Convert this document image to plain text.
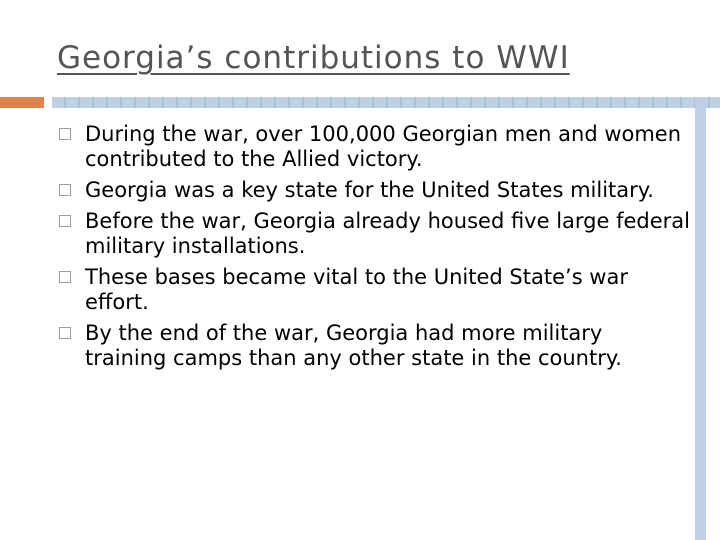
Georgia’s contributions to WWI
During the war, over 100,000 Georgian men and women contributed to the Allied victory.
Georgia was a key state for the United States military.
Before the war, Georgia already housed five large federal military installations.
These bases became vital to the United State’s war effort.
By the end of the war, Georgia had more military training camps than any other state in the country.
